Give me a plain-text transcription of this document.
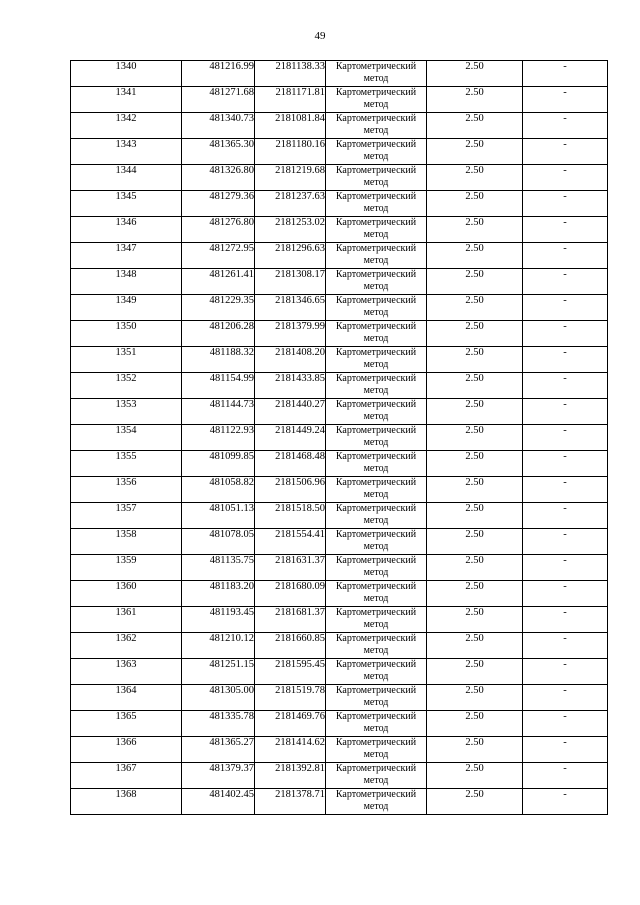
49
1340	481216.99	2181138.33	Картометрический
метод	2.50	-
1341	481271.68	2181171.81	Картометрический
метод	2.50	-
1342	481340.73	2181081.84	Картометрический
метод	2.50	-
1343	481365.30	2181180.16	Картометрический
метод	2.50	-
1344	481326.80	2181219.68	Картометрический
метод	2.50	-
1345	481279.36	2181237.63	Картометрический
метод	2.50	-
1346	481276.80	2181253.02	Картометрический
метод	2.50	-
1347	481272.95	2181296.63	Картометрический
метод	2.50	-
1348	481261.41	2181308.17	Картометрический
метод	2.50	-
1349	481229.35	2181346.65	Картометрический
метод	2.50	-
1350	481206.28	2181379.99	Картометрический
метод	2.50	-
1351	481188.32	2181408.20	Картометрический
метод	2.50	-
1352	481154.99	2181433.85	Картометрический
метод	2.50	-
1353	481144.73	2181440.27	Картометрический
метод	2.50	-
1354	481122.93	2181449.24	Картометрический
метод	2.50	-
1355	481099.85	2181468.48	Картометрический
метод	2.50	-
1356	481058.82	2181506.96	Картометрический
метод	2.50	-
1357	481051.13	2181518.50	Картометрический
метод	2.50	-
1358	481078.05	2181554.41	Картометрический
метод	2.50	-
1359	481135.75	2181631.37	Картометрический
метод	2.50	-
1360	481183.20	2181680.09	Картометрический
метод	2.50	-
1361	481193.45	2181681.37	Картометрический
метод	2.50	-
1362	481210.12	2181660.85	Картометрический
метод	2.50	-
1363	481251.15	2181595.45	Картометрический
метод	2.50	-
1364	481305.00	2181519.78	Картометрический
метод	2.50	-
1365	481335.78	2181469.76	Картометрический
метод	2.50	-
1366	481365.27	2181414.62	Картометрический
метод	2.50	-
1367	481379.37	2181392.81	Картометрический
метод	2.50	-
1368	481402.45	2181378.71	Картометрический
метод	2.50	-
